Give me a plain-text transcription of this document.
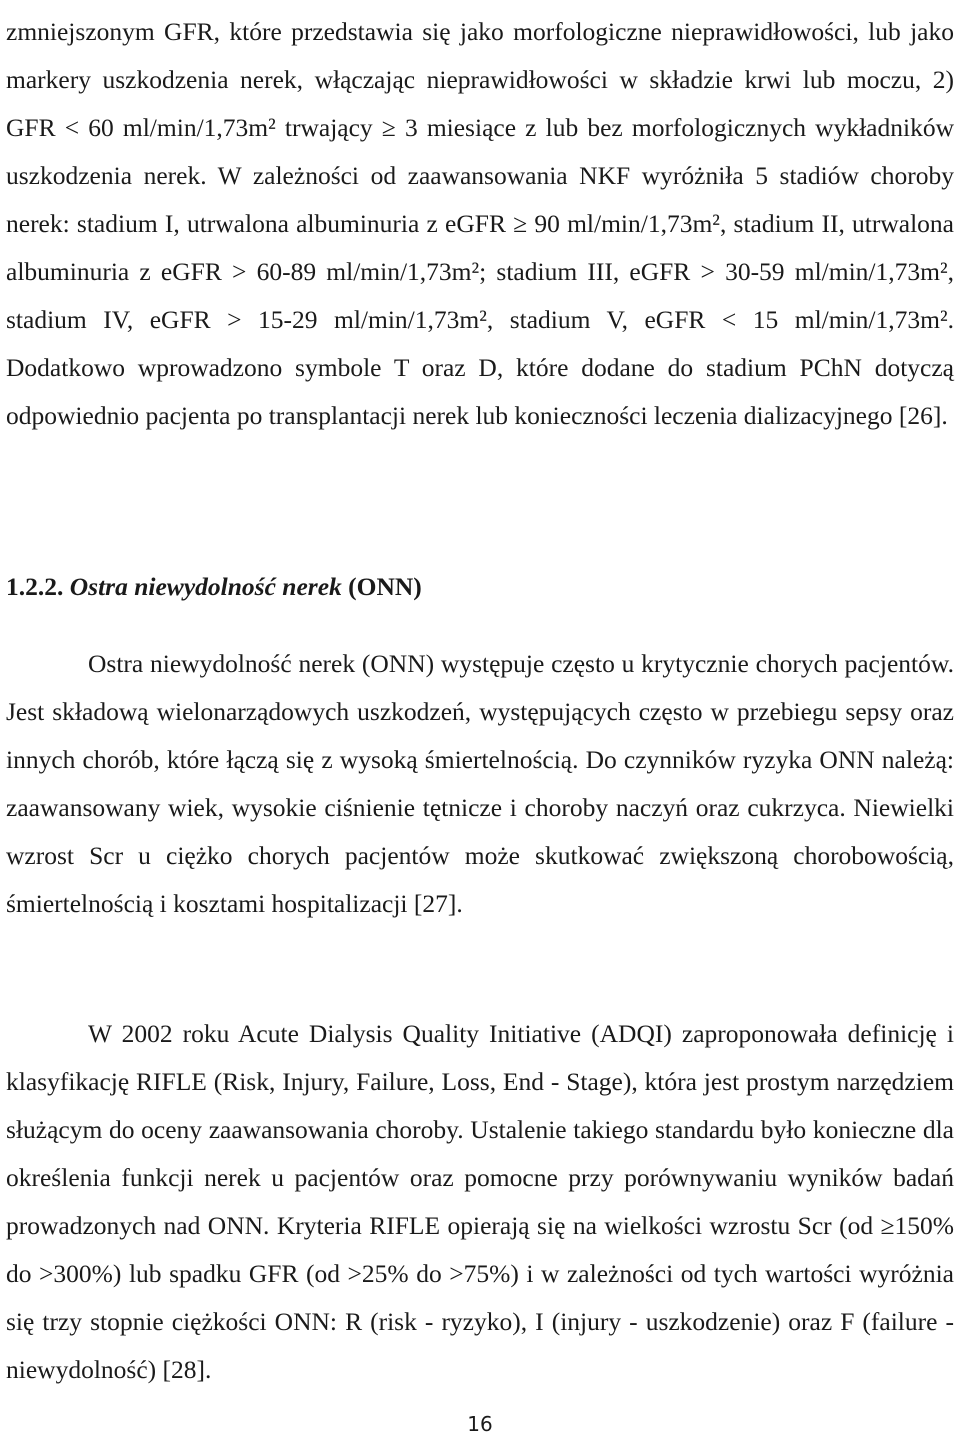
zmniejszonym GFR, które przedstawia się jako morfologiczne nieprawidłowości, lub jako markery uszkodzenia nerek, włączając nieprawidłowości w składzie krwi lub moczu, 2) GFR < 60 ml/min/1,73m² trwający ≥ 3 miesiące z lub bez morfologicznych wykładników uszkodzenia nerek. W zależności od zaawansowania NKF wyróżniła 5 stadiów choroby nerek: stadium I, utrwalona albuminuria z eGFR ≥ 90 ml/min/1,73m², stadium II, utrwalona albuminuria z eGFR > 60-89 ml/min/1,73m²; stadium III, eGFR > 30-59 ml/min/1,73m², stadium IV, eGFR > 15-29 ml/min/1,73m², stadium V, eGFR < 15 ml/min/1,73m². Dodatkowo wprowadzono symbole T oraz D, które dodane do stadium PChN dotyczą odpowiednio pacjenta po transplantacji nerek lub konieczności leczenia dializacyjnego [26].

1.2.2. Ostra niewydolność nerek (ONN)

Ostra niewydolność nerek (ONN) występuje często u krytycznie chorych pacjentów. Jest składową wielonarządowych uszkodzeń, występujących często w przebiegu sepsy oraz innych chorób, które łączą się z wysoką śmiertelnością. Do czynników ryzyka ONN należą: zaawansowany wiek, wysokie ciśnienie tętnicze i choroby naczyń oraz cukrzyca. Niewielki wzrost Scr u ciężko chorych pacjentów może skutkować zwiększoną chorobowością, śmiertelnością i kosztami hospitalizacji [27].

W 2002 roku Acute Dialysis Quality Initiative (ADQI) zaproponowała definicję i klasyfikację RIFLE (Risk, Injury, Failure, Loss, End - Stage), która jest prostym narzędziem służącym do oceny zaawansowania choroby. Ustalenie takiego standardu było konieczne dla określenia funkcji nerek u pacjentów oraz pomocne przy porównywaniu wyników badań prowadzonych nad ONN. Kryteria RIFLE opierają się na wielkości wzrostu Scr (od ≥150% do >300%) lub spadku GFR (od >25% do >75%) i w zależności od tych wartości wyróżnia się trzy stopnie ciężkości ONN: R (risk - ryzyko), I (injury - uszkodzenie) oraz F (failure - niewydolność) [28].

16
